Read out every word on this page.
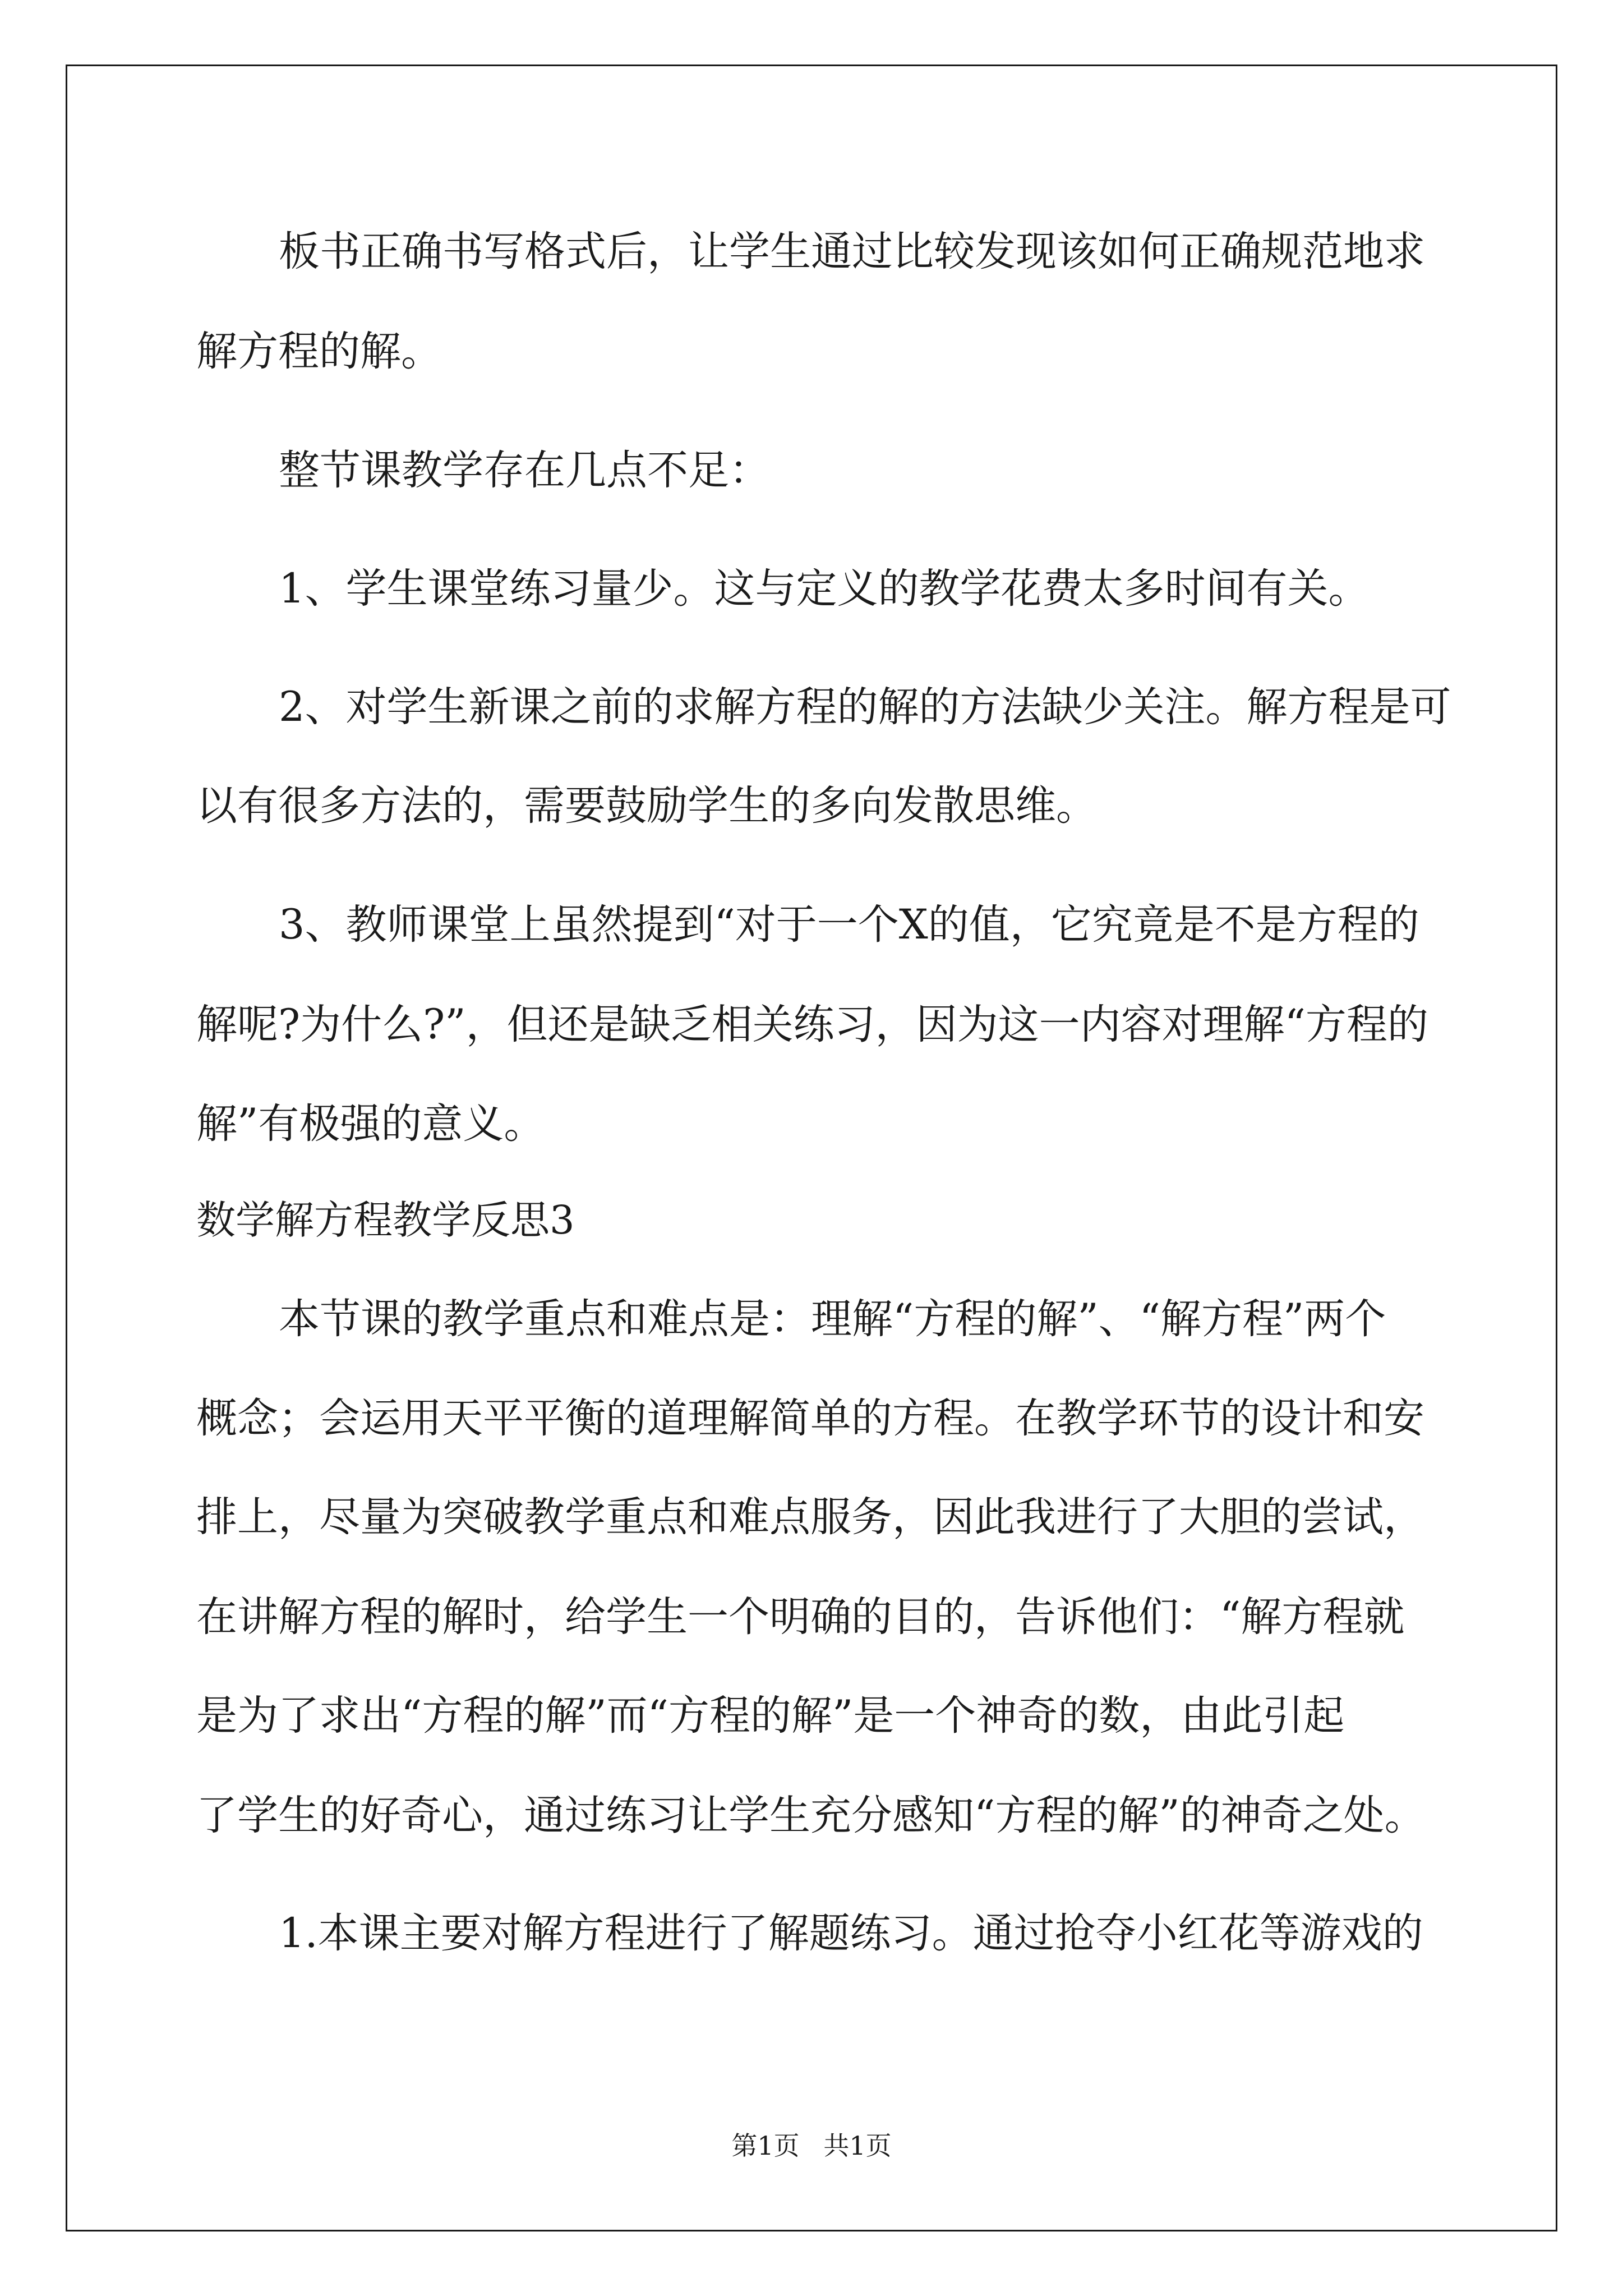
板书正确书写格式后，让学生通过比较发现该如何正确规范地求
解方程的解。
整节课教学存在几点不足：
1、学生课堂练习量少。这与定义的教学花费太多时间有关。
2、对学生新课之前的求解方程的解的方法缺少关注。解方程是可
以有很多方法的，需要鼓励学生的多向发散思维。
3、教师课堂上虽然提到“对于一个X的值，它究竟是不是方程的
解呢?为什么?”，但还是缺乏相关练习，因为这一内容对理解“方程的
解”有极强的意义。
数学解方程教学反思3
本节课的教学重点和难点是：理解“方程的解”、“解方程”两个
概念；会运用天平平衡的道理解简单的方程。在教学环节的设计和安
排上，尽量为突破教学重点和难点服务，因此我进行了大胆的尝试，
在讲解方程的解时，给学生一个明确的目的，告诉他们：“解方程就
是为了求出“方程的解”而“方程的解”是一个神奇的数，由此引起
了学生的好奇心，通过练习让学生充分感知“方程的解”的神奇之处。
1.本课主要对解方程进行了解题练习。通过抢夺小红花等游戏的
第1页 共1页
